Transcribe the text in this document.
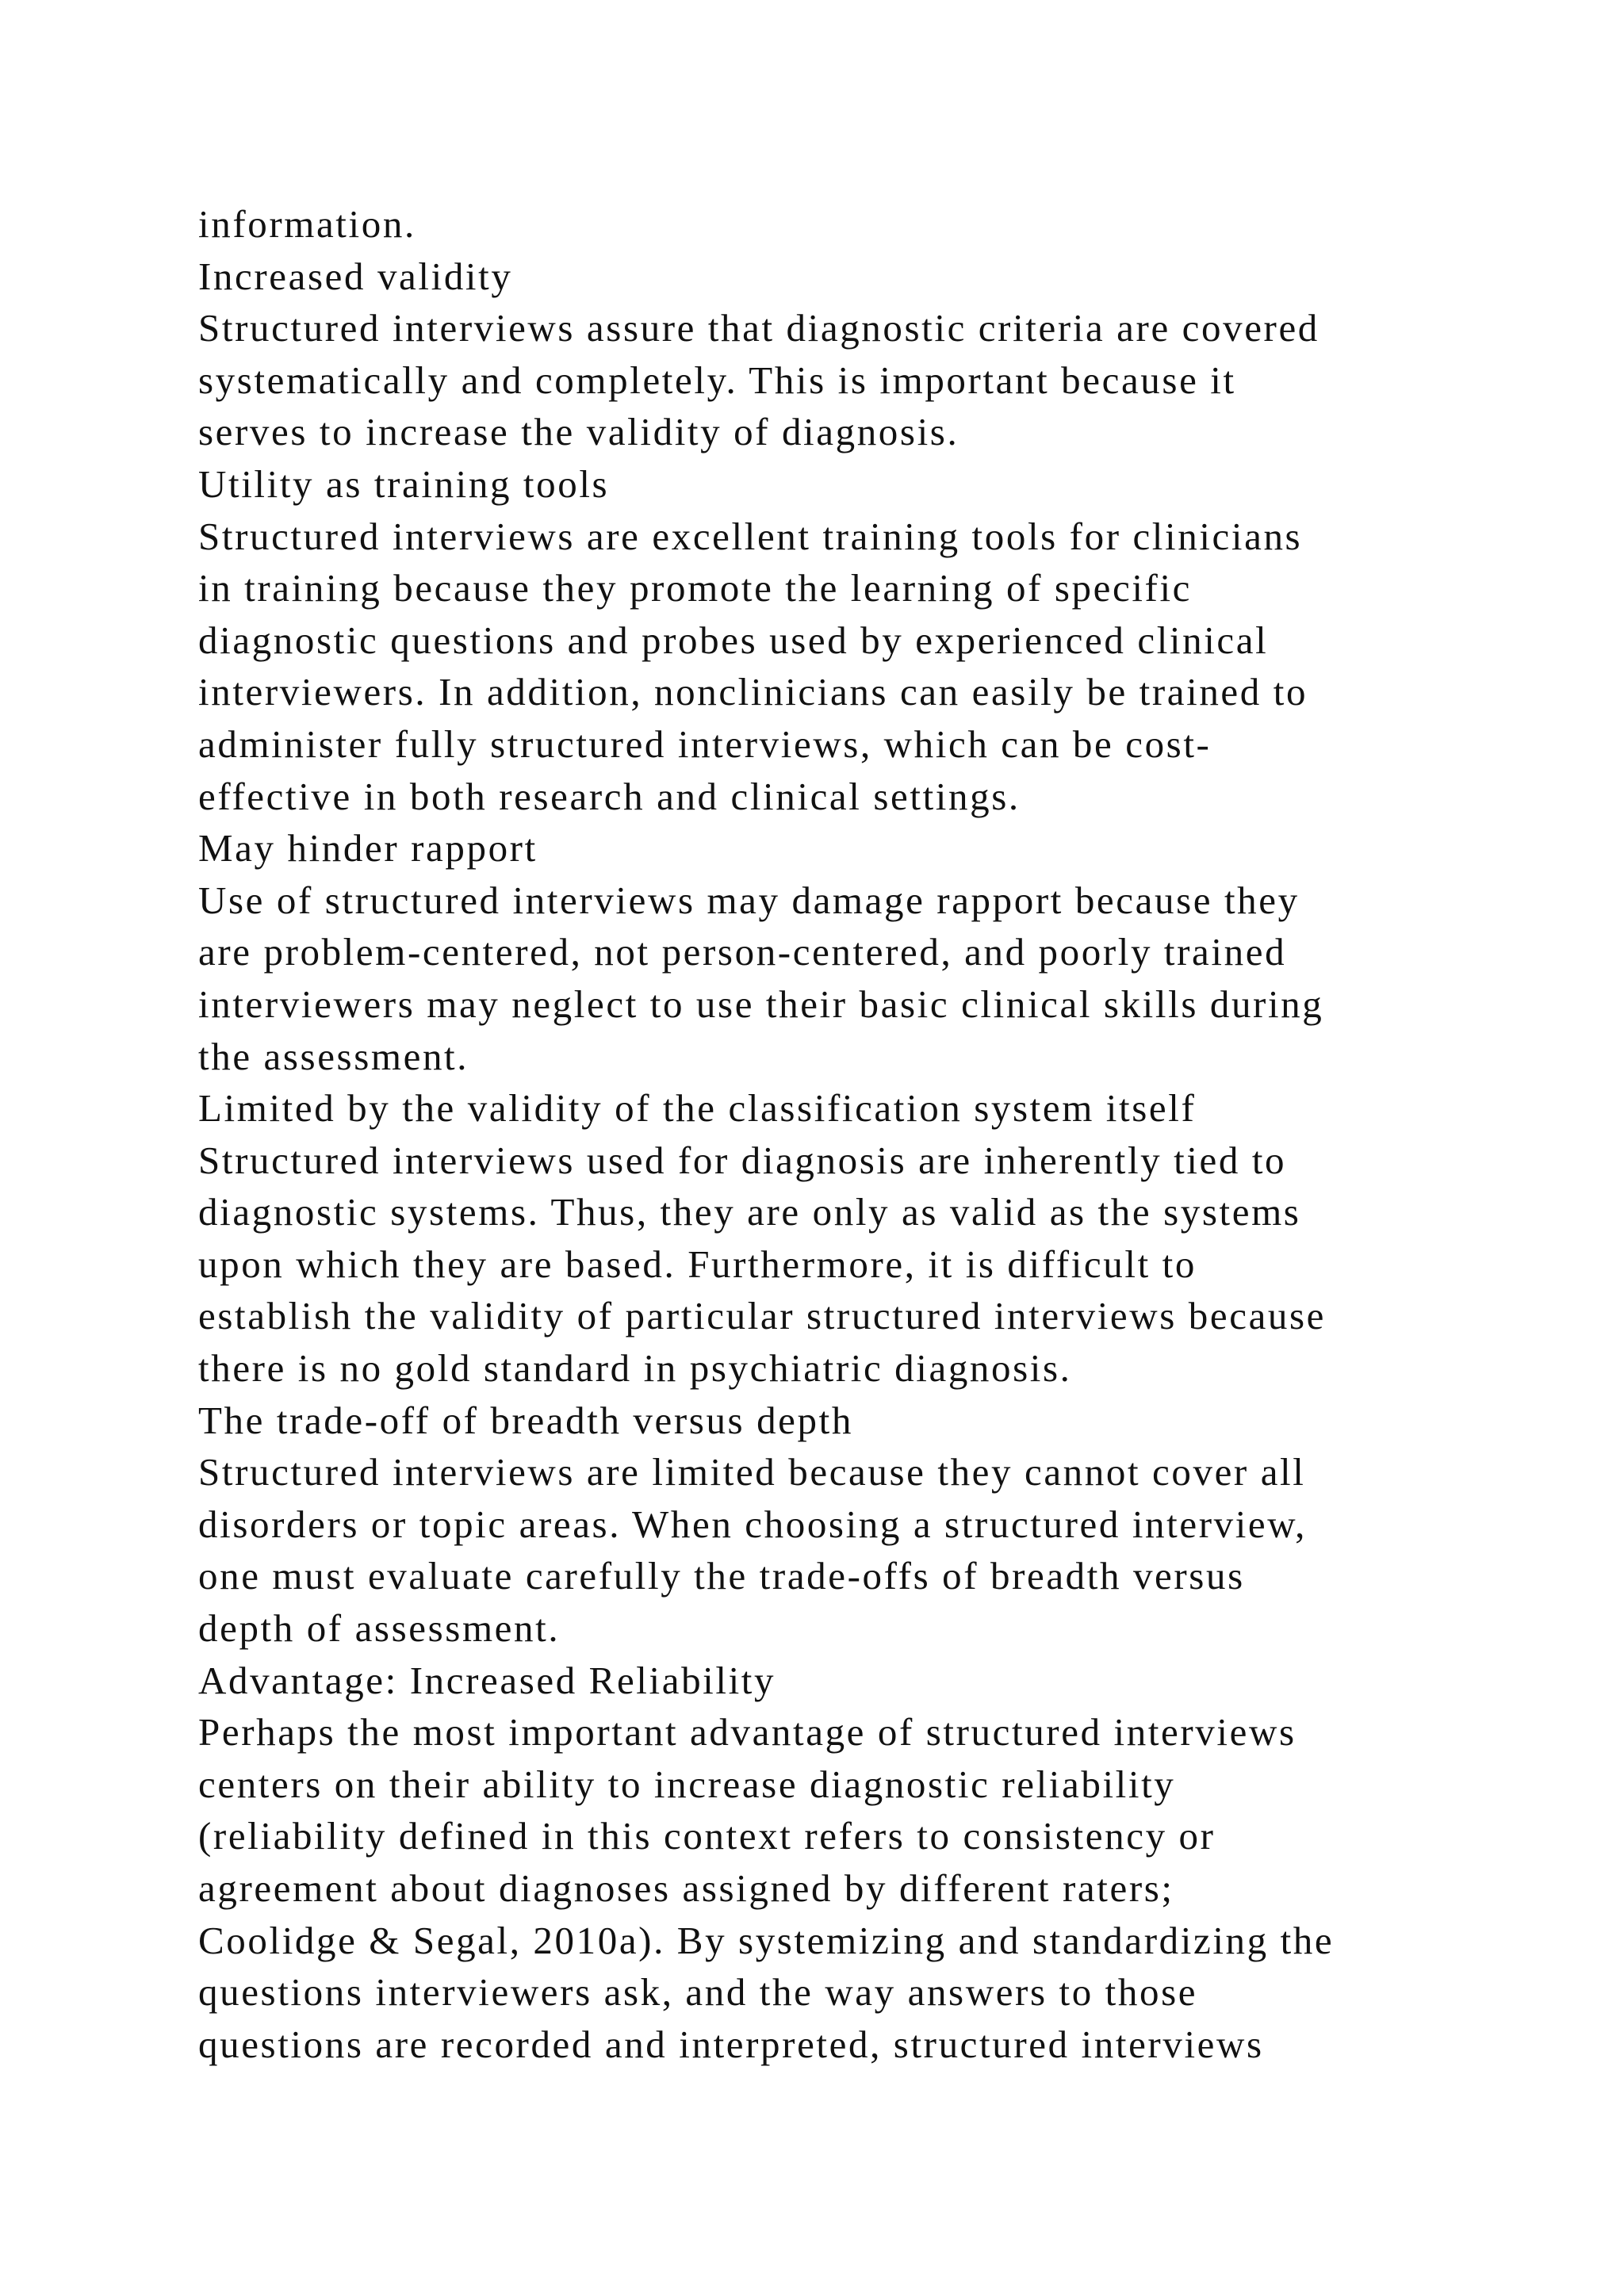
information.
Increased validity
Structured interviews assure that diagnostic criteria are covered
systematically and completely. This is important because it
serves to increase the validity of diagnosis.
Utility as training tools
Structured interviews are excellent training tools for clinicians
in training because they promote the learning of specific
diagnostic questions and probes used by experienced clinical
interviewers. In addition, nonclinicians can easily be trained to
administer fully structured interviews, which can be cost-
effective in both research and clinical settings.
May hinder rapport
Use of structured interviews may damage rapport because they
are problem-centered, not person-centered, and poorly trained
interviewers may neglect to use their basic clinical skills during
the assessment.
Limited by the validity of the classification system itself
Structured interviews used for diagnosis are inherently tied to
diagnostic systems. Thus, they are only as valid as the systems
upon which they are based. Furthermore, it is difficult to
establish the validity of particular structured interviews because
there is no gold standard in psychiatric diagnosis.
The trade-off of breadth versus depth
Structured interviews are limited because they cannot cover all
disorders or topic areas. When choosing a structured interview,
one must evaluate carefully the trade-offs of breadth versus
depth of assessment.
Advantage: Increased Reliability
Perhaps the most important advantage of structured interviews
centers on their ability to increase diagnostic reliability
(reliability defined in this context refers to consistency or
agreement about diagnoses assigned by different raters;
Coolidge & Segal, 2010a). By systemizing and standardizing the
questions interviewers ask, and the way answers to those
questions are recorded and interpreted, structured interviews
